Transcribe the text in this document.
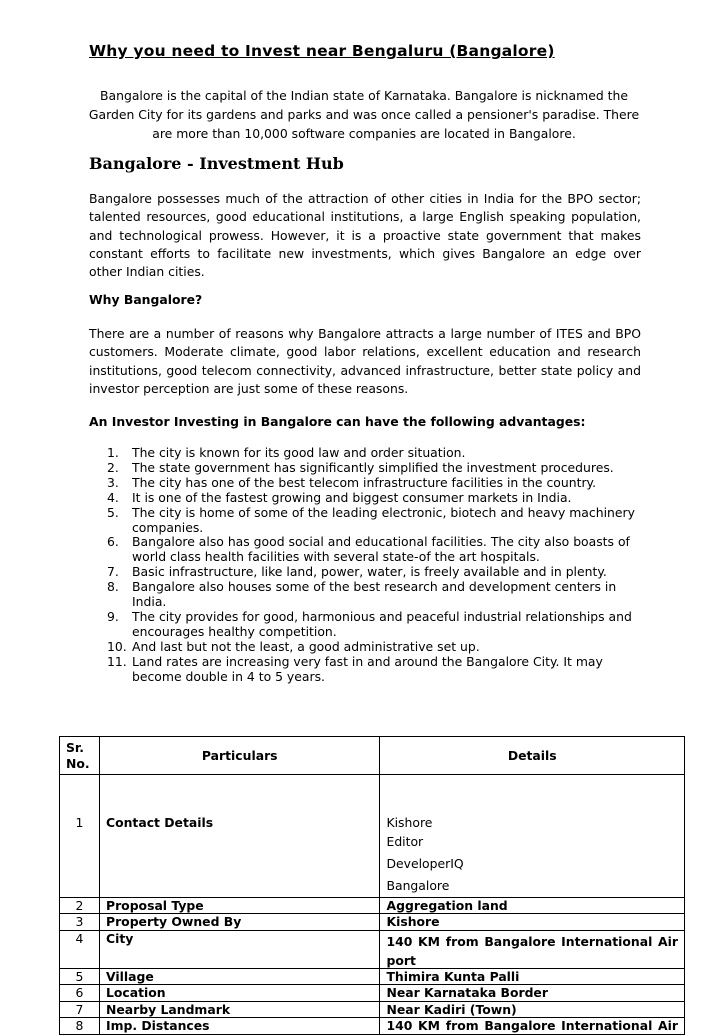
Why you need to Invest near Bengaluru (Bangalore)

Bangalore is the capital of the Indian state of Karnataka. Bangalore is nicknamed the Garden City for its gardens and parks and was once called a pensioner's paradise. There are more than 10,000 software companies are located in Bangalore.

Bangalore - Investment Hub

Bangalore possesses much of the attraction of other cities in India for the BPO sector; talented resources, good educational institutions, a large English speaking population, and technological prowess. However, it is a proactive state government that makes constant efforts to facilitate new investments, which gives Bangalore an edge over other Indian cities.

Why Bangalore?

There are a number of reasons why Bangalore attracts a large number of ITES and BPO customers. Moderate climate, good labor relations, excellent education and research institutions, good telecom connectivity, advanced infrastructure, better state policy and investor perception are just some of these reasons.

An Investor Investing in Bangalore can have the following advantages:

1. The city is known for its good law and order situation.
2. The state government has significantly simplified the investment procedures.
3. The city has one of the best telecom infrastructure facilities in the country.
4. It is one of the fastest growing and biggest consumer markets in India.
5. The city is home of some of the leading electronic, biotech and heavy machinery companies.
6. Bangalore also has good social and educational facilities. The city also boasts of world class health facilities with several state-of the art hospitals.
7. Basic infrastructure, like land, power, water, is freely available and in plenty.
8. Bangalore also houses some of the best research and development centers in India.
9. The city provides for good, harmonious and peaceful industrial relationships and encourages healthy competition.
10. And last but not the least, a good administrative set up.
11. Land rates are increasing very fast in and around the Bangalore City. It may become double in 4 to 5 years.
Sr. No.	Particulars	Details
1	Contact Details	Kishore
Editor
DeveloperIQ
Bangalore

2	Proposal Type	Aggregation land
3	Property Owned By	Kishore
4	City	140 KM from Bangalore International Air
port

5	Village	Thimira Kunta Palli
6	Location	Near Karnataka Border
7	Nearby Landmark	Near Kadiri (Town)
8	Imp. Distances	140 KM from Bangalore International Air
